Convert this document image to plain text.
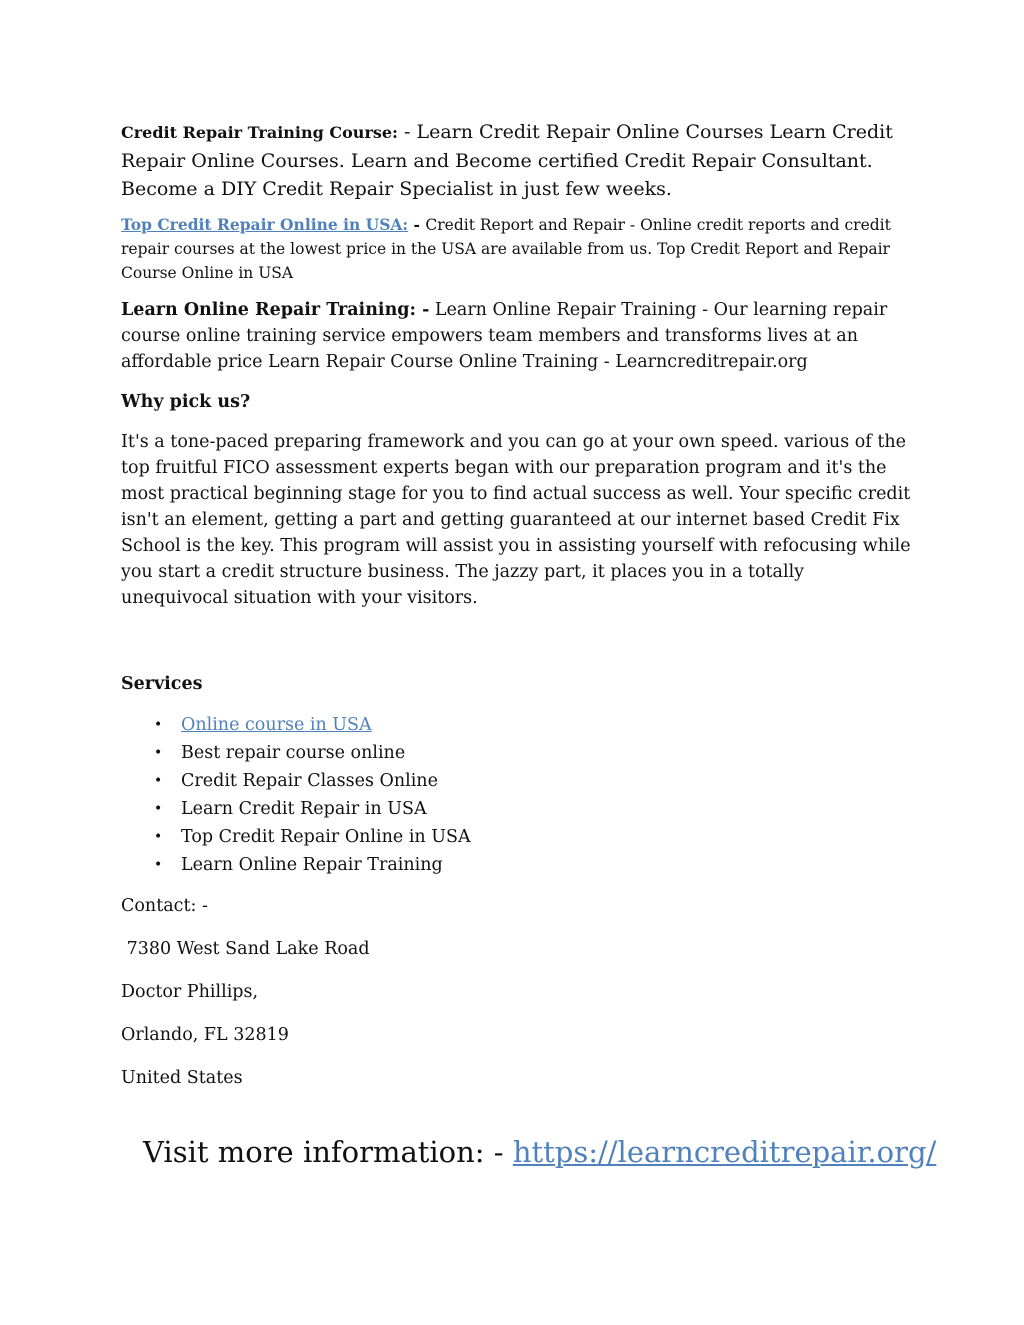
Credit Repair Training Course: - Learn Credit Repair Online Courses Learn Credit Repair Online Courses. Learn and Become certified Credit Repair Consultant. Become a DIY Credit Repair Specialist in just few weeks.

Top Credit Repair Online in USA: - Credit Report and Repair - Online credit reports and credit repair courses at the lowest price in the USA are available from us. Top Credit Report and Repair Course Online in USA

Learn Online Repair Training: - Learn Online Repair Training - Our learning repair course online training service empowers team members and transforms lives at an affordable price Learn Repair Course Online Training - Learncreditrepair.org

Why pick us?

It's a tone-paced preparing framework and you can go at your own speed. various of the top fruitful FICO assessment experts began with our preparation program and it's the most practical beginning stage for you to find actual success as well. Your specific credit isn't an element, getting a part and getting guaranteed at our internet based Credit Fix School is the key. This program will assist you in assisting yourself with refocusing while you start a credit structure business. The jazzy part, it places you in a totally unequivocal situation with your visitors.

Services

• Online course in USA
• Best repair course online
• Credit Repair Classes Online
• Learn Credit Repair in USA
• Top Credit Repair Online in USA
• Learn Online Repair Training

Contact: -

7380 West Sand Lake Road

Doctor Phillips,

Orlando, FL 32819

United States

Visit more information: - https://learncreditrepair.org/
